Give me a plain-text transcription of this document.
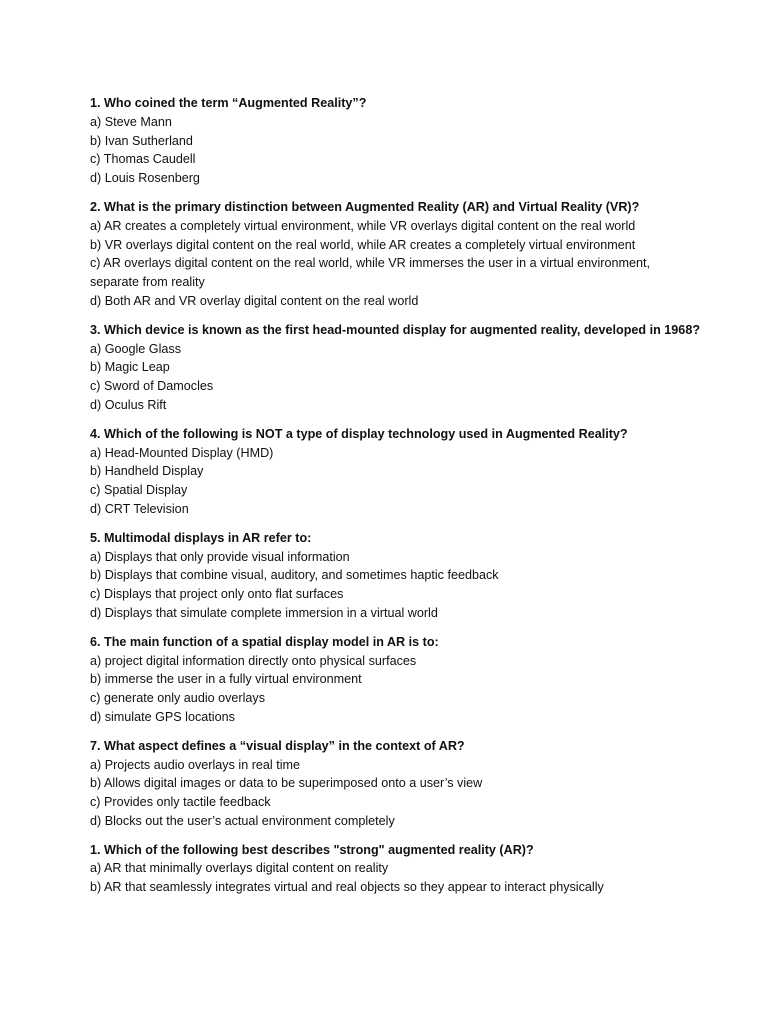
1. Who coined the term “Augmented Reality”?
a) Steve Mann
b) Ivan Sutherland
c) Thomas Caudell
d) Louis Rosenberg
2. What is the primary distinction between Augmented Reality (AR) and Virtual Reality (VR)?
a) AR creates a completely virtual environment, while VR overlays digital content on the real world
b) VR overlays digital content on the real world, while AR creates a completely virtual environment
c) AR overlays digital content on the real world, while VR immerses the user in a virtual environment, separate from reality
d) Both AR and VR overlay digital content on the real world
3. Which device is known as the first head-mounted display for augmented reality, developed in 1968?
a) Google Glass
b) Magic Leap
c) Sword of Damocles
d) Oculus Rift
4. Which of the following is NOT a type of display technology used in Augmented Reality?
a) Head-Mounted Display (HMD)
b) Handheld Display
c) Spatial Display
d) CRT Television
5. Multimodal displays in AR refer to:
a) Displays that only provide visual information
b) Displays that combine visual, auditory, and sometimes haptic feedback
c) Displays that project only onto flat surfaces
d) Displays that simulate complete immersion in a virtual world
6. The main function of a spatial display model in AR is to:
a) project digital information directly onto physical surfaces
b) immerse the user in a fully virtual environment
c) generate only audio overlays
d) simulate GPS locations
7. What aspect defines a “visual display” in the context of AR?
a) Projects audio overlays in real time
b) Allows digital images or data to be superimposed onto a user’s view
c) Provides only tactile feedback
d) Blocks out the user’s actual environment completely
1. Which of the following best describes "strong" augmented reality (AR)?
a) AR that minimally overlays digital content on reality
b) AR that seamlessly integrates virtual and real objects so they appear to interact physically
